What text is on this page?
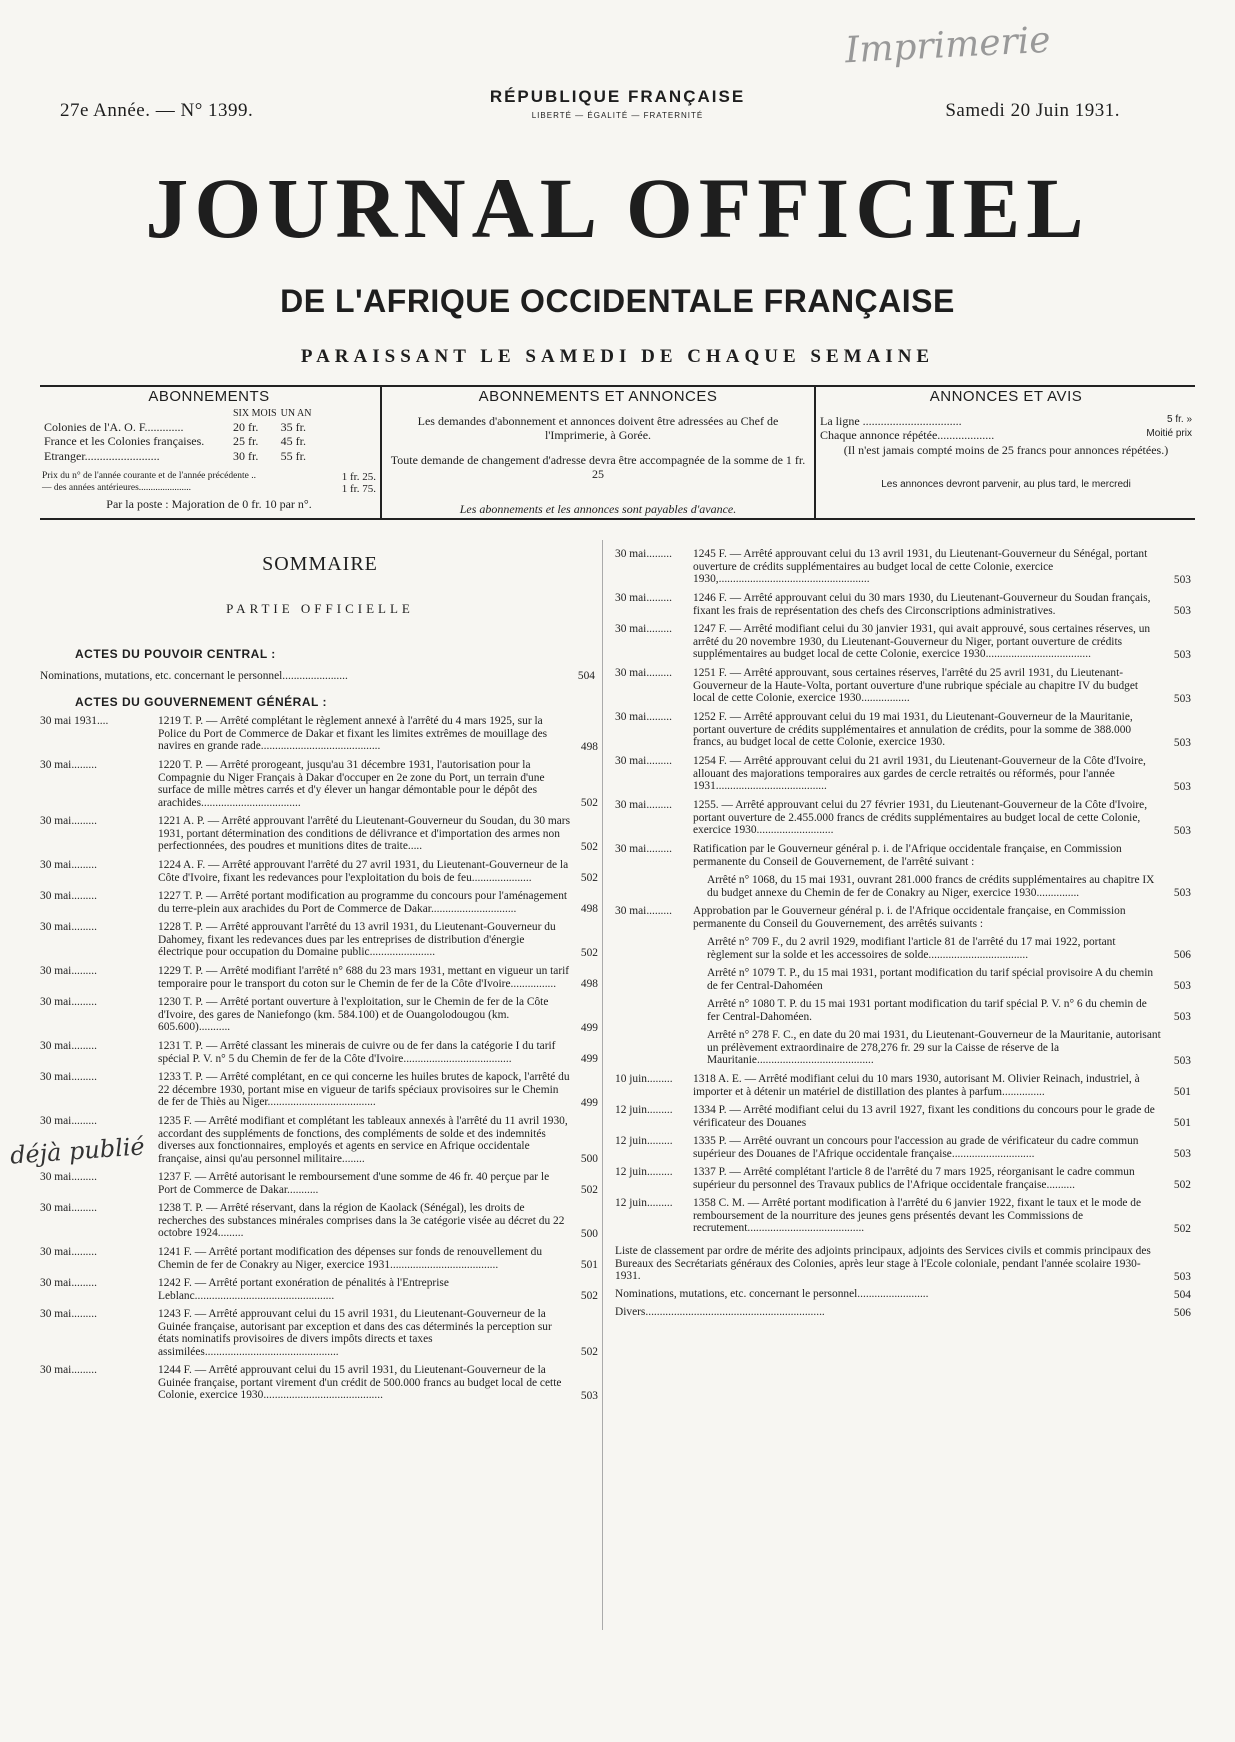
Imprimerie
27e Année. — N° 1399.
RÉPUBLIQUE FRANÇAISE
LIBERTÉ — ÉGALITÉ — FRATERNITÉ	Samedi 20 Juin 1931.
JOURNAL OFFICIEL
DE L'AFRIQUE OCCIDENTALE FRANÇAISE
PARAISSANT LE SAMEDI DE CHAQUE SEMAINE
ABONNEMENTS
	SIX MOIS	UN AN
Colonies de l'A. O. F.............	20 fr.	35 fr.
France et les Colonies françaises.	25 fr.	45 fr.
Etranger.........................	30 fr.	55 fr.
Prix du n° de l'année courante et de l'année précédente ..	1 fr. 25.
— des années antérieures......................	1 fr. 75.
Par la poste : Majoration de 0 fr. 10 par n°.
ABONNEMENTS ET ANNONCES
Les demandes d'abonnement et annonces doivent être adressées au Chef de l'Imprimerie, à Gorée.
Toute demande de changement d'adresse devra être accompagnée de la somme de 1 fr. 25
Les abonnements et les annonces sont payables d'avance.
ANNONCES ET AVIS
La ligne .................................	5 fr. »
Chaque annonce répétée...................	Moitié prix
(Il n'est jamais compté moins de 25 francs pour annonces répétées.)
Les annonces devront parvenir, au plus tard, le mercredi
SOMMAIRE
PARTIE OFFICIELLE
ACTES DU POUVOIR CENTRAL :
Nominations, mutations, etc. concernant le personnel.......................	504
ACTES DU GOUVERNEMENT GÉNÉRAL :
30 mai 1931....	1219 T. P. — Arrêté complétant le règlement annexé à l'arrêté du 4 mars 1925, sur la Police du Port de Commerce de Dakar et fixant les limites extrêmes de mouillage des navires en grande rade..........................................	498
30 mai.........	1220 T. P. — Arrêté prorogeant, jusqu'au 31 décembre 1931, l'autorisation pour la Compagnie du Niger Français à Dakar d'occuper en 2e zone du Port, un terrain d'une surface de mille mètres carrés et d'y élever un hangar démontable pour le dépôt des arachides...................................	502
30 mai.........	1221 A. P. — Arrêté approuvant l'arrêté du Lieutenant-Gouverneur du Soudan, du 30 mars 1931, portant détermination des conditions de délivrance et d'importation des armes non perfectionnées, des poudres et munitions dites de traite.....	502
30 mai.........	1224 A. F. — Arrêté approuvant l'arrêté du 27 avril 1931, du Lieutenant-Gouverneur de la Côte d'Ivoire, fixant les redevances pour l'exploitation du bois de feu.....................	502
30 mai.........	1227 T. P. — Arrêté portant modification au programme du concours pour l'aménagement du terre-plein aux arachides du Port de Commerce de Dakar..............................	498
30 mai.........	1228 T. P. — Arrêté approuvant l'arrêté du 13 avril 1931, du Lieutenant-Gouverneur du Dahomey, fixant les redevances dues par les entreprises de distribution d'énergie électrique pour occupation du Domaine public.......................	502
30 mai.........	1229 T. P. — Arrêté modifiant l'arrêté n° 688 du 23 mars 1931, mettant en vigueur un tarif temporaire pour le transport du coton sur le Chemin de fer de la Côte d'Ivoire................	498
30 mai.........	1230 T. P. — Arrêté portant ouverture à l'exploitation, sur le Chemin de fer de la Côte d'Ivoire, des gares de Naniefongo (km. 584.100) et de Ouangolodougou (km. 605.600)...........	499
30 mai.........	1231 T. P. — Arrêté classant les minerais de cuivre ou de fer dans la catégorie I du tarif spécial P. V. n° 5 du Chemin de fer de la Côte d'Ivoire......................................	499
30 mai.........	1233 T. P. — Arrêté complétant, en ce qui concerne les huiles brutes de kapock, l'arrêté du 22 décembre 1930, portant mise en vigueur de tarifs spéciaux provisoires sur le Chemin de fer de Thiès au Niger......................................	499
30 mai.........	1235 F. — Arrêté modifiant et complétant les tableaux annexés à l'arrêté du 11 avril 1930, accordant des suppléments de fonctions, des compléments de solde et des indemnités diverses aux fonctionnaires, employés et agents en service en Afrique occidentale française, ainsi qu'au personnel militaire........	500
30 mai.........	1237 F. — Arrêté autorisant le remboursement d'une somme de 46 fr. 40 perçue par le Port de Commerce de Dakar...........	502
30 mai.........	1238 T. P. — Arrêté réservant, dans la région de Kaolack (Sénégal), les droits de recherches des substances minérales comprises dans la 3e catégorie visée au décret du 22 octobre 1924.........	500
30 mai.........	1241 F. — Arrêté portant modification des dépenses sur fonds de renouvellement du Chemin de fer de Conakry au Niger, exercice 1931......................................	501
30 mai.........	1242 F. — Arrêté portant exonération de pénalités à l'Entreprise Leblanc.................................................	502
30 mai.........	1243 F. — Arrêté approuvant celui du 15 avril 1931, du Lieutenant-Gouverneur de la Guinée française, autorisant par exception et dans des cas déterminés la perception sur états nominatifs provisoires de divers impôts directs et taxes assimilées...............................................	502
30 mai.........	1244 F. — Arrêté approuvant celui du 15 avril 1931, du Lieutenant-Gouverneur de la Guinée française, portant virement d'un crédit de 500.000 francs au budget local de cette Colonie, exercice 1930..........................................	503
30 mai.........	1245 F. — Arrêté approuvant celui du 13 avril 1931, du Lieutenant-Gouverneur du Sénégal, portant ouverture de crédits supplémentaires au budget local de cette Colonie, exercice 1930,.....................................................	503
30 mai.........	1246 F. — Arrêté approuvant celui du 30 mars 1930, du Lieutenant-Gouverneur du Soudan français, fixant les frais de représentation des chefs des Circonscriptions administratives.	503
30 mai.........	1247 F. — Arrêté modifiant celui du 30 janvier 1931, qui avait approuvé, sous certaines réserves, un arrêté du 20 novembre 1930, du Lieutenant-Gouverneur du Niger, portant ouverture de crédits supplémentaires au budget local de cette Colonie, exercice 1930.....................................	503
30 mai.........	1251 F. — Arrêté approuvant, sous certaines réserves, l'arrêté du 25 avril 1931, du Lieutenant-Gouverneur de la Haute-Volta, portant ouverture d'une rubrique spéciale au chapitre IV du budget local de cette Colonie, exercice 1930.................	503
30 mai.........	1252 F. — Arrêté approuvant celui du 19 mai 1931, du Lieutenant-Gouverneur de la Mauritanie, portant ouverture de crédits supplémentaires et annulation de crédits, pour la somme de 388.000 francs, au budget local de cette Colonie, exercice 1930.	503
30 mai.........	1254 F. — Arrêté approuvant celui du 21 avril 1931, du Lieutenant-Gouverneur de la Côte d'Ivoire, allouant des majorations temporaires aux gardes de cercle retraités ou réformés, pour l'année 1931.......................................	503
30 mai.........	1255. — Arrêté approuvant celui du 27 février 1931, du Lieutenant-Gouverneur de la Côte d'Ivoire, portant ouverture de 2.455.000 francs de crédits supplémentaires au budget local de cette Colonie, exercice 1930...........................	503
30 mai.........	Ratification par le Gouverneur général p. i. de l'Afrique occidentale française, en Commission permanente du Conseil de Gouvernement, de l'arrêté suivant :
Arrêté n° 1068, du 15 mai 1931, ouvrant 281.000 francs de crédits supplémentaires au chapitre IX du budget annexe du Chemin de fer de Conakry au Niger, exercice 1930...............	503
30 mai.........	Approbation par le Gouverneur général p. i. de l'Afrique occidentale française, en Commission permanente du Conseil du Gouvernement, des arrêtés suivants :
Arrêté n° 709 F., du 2 avril 1929, modifiant l'article 81 de l'arrêté du 17 mai 1922, portant règlement sur la solde et les accessoires de solde...................................	506
Arrêté n° 1079 T. P., du 15 mai 1931, portant modification du tarif spécial provisoire A du chemin de fer Central-Dahoméen	503
Arrêté n° 1080 T. P. du 15 mai 1931 portant modification du tarif spécial P. V. n° 6 du chemin de fer Central-Dahoméen.	503
Arrêté n° 278 F. C., en date du 20 mai 1931, du Lieutenant-Gouverneur de la Mauritanie, autorisant un prélèvement extraordinaire de 278,276 fr. 29 sur la Caisse de réserve de la Mauritanie.........................................	503
10 juin.........	1318 A. E. — Arrêté modifiant celui du 10 mars 1930, autorisant M. Olivier Reinach, industriel, à importer et à détenir un matériel de distillation des plantes à parfum...............	501
12 juin.........	1334 P. — Arrêté modifiant celui du 13 avril 1927, fixant les conditions du concours pour le grade de vérificateur des Douanes	501
12 juin.........	1335 P. — Arrêté ouvrant un concours pour l'accession au grade de vérificateur du cadre commun supérieur des Douanes de l'Afrique occidentale française.............................	503
12 juin.........	1337 P. — Arrêté complétant l'article 8 de l'arrêté du 7 mars 1925, réorganisant le cadre commun supérieur du personnel des Travaux publics de l'Afrique occidentale française..........	502
12 juin.........	1358 C. M. — Arrêté portant modification à l'arrêté du 6 janvier 1922, fixant le taux et le mode de remboursement de la nourriture des jeunes gens présentés devant les Commissions de recrutement.........................................	502
Liste de classement par ordre de mérite des adjoints principaux, adjoints des Services civils et commis principaux des Bureaux des Secrétariats généraux des Colonies, après leur stage à l'Ecole coloniale, pendant l'année scolaire 1930-1931.	503
Nominations, mutations, etc. concernant le personnel.........................	504
Divers...............................................................	506
déjà publié
